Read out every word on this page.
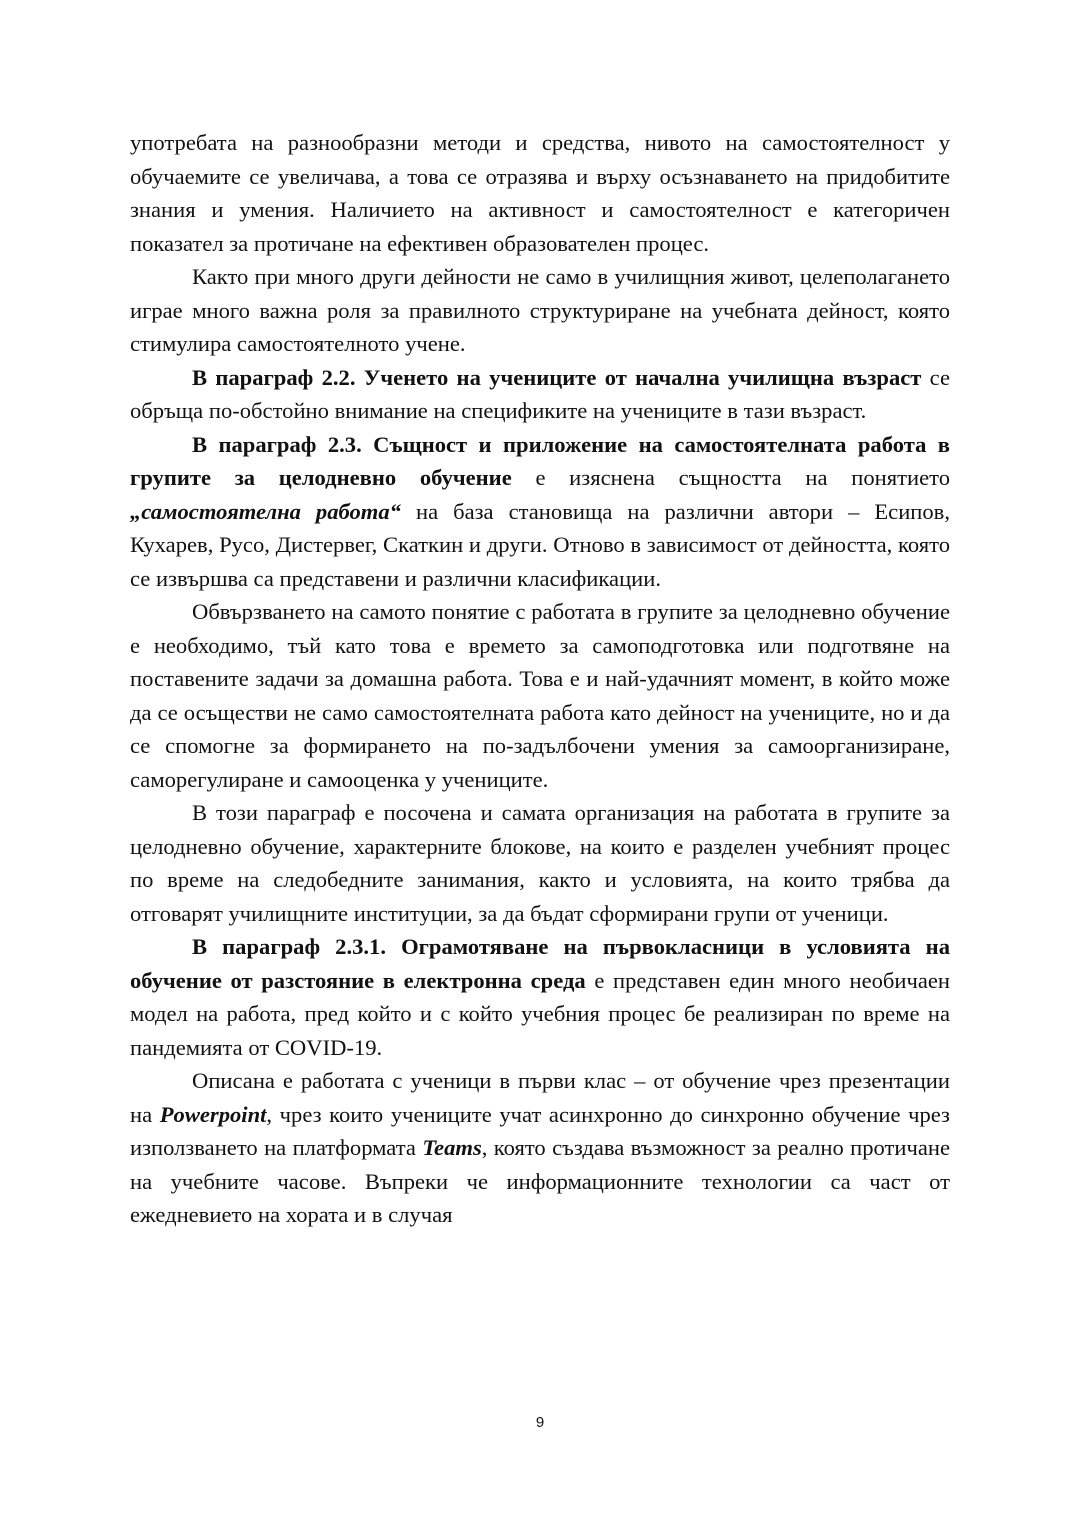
употребата на разнообразни методи и средства, нивото на самостоятелност у обучаемите се увеличава, а това се отразява и върху осъзнаването на придобитите знания и умения. Наличието на активност и самостоятелност е категоричен показател за протичане на ефективен образователен процес.

Както при много други дейности не само в училищния живот, целеполагането играе много важна роля за правилното структуриране на учебната дейност, която стимулира самостоятелното учене.

В параграф 2.2. Ученето на учениците от начална училищна възраст се обръща по-обстойно внимание на спецификите на учениците в тази възраст.

В параграф 2.3. Същност и приложение на самостоятелната работа в групите за целодневно обучение е изяснена същността на понятието „самостоятелна работа“ на база становища на различни автори – Есипов, Кухарев, Русо, Дистервег, Скаткин и други. Отново в зависимост от дейността, която се извършва са представени и различни класификации.

Обвързването на самото понятие с работата в групите за целодневно обучение е необходимо, тъй като това е времето за самоподготовка или подготвяне на поставените задачи за домашна работа. Това е и най-удачният момент, в който може да се осъществи не само самостоятелната работа като дейност на учениците, но и да се спомогне за формирането на по-задълбочени умения за самоорганизиране, саморегулиране и самооценка у учениците.

В този параграф е посочена и самата организация на работата в групите за целодневно обучение, характерните блокове, на които е разделен учебният процес по време на следобедните занимания, както и условията, на които трябва да отговарят училищните институции, за да бъдат сформирани групи от ученици.

В параграф 2.3.1. Ограмотяване на първокласници в условията на обучение от разстояние в електронна среда е представен един много необичаен модел на работа, пред който и с който учебния процес бе реализиран по време на пандемията от COVID-19.

Описана е работата с ученици в първи клас – от обучение чрез презентации на Powerpoint, чрез които учениците учат асинхронно до синхронно обучение чрез използването на платформата Teams, която създава възможност за реално протичане на учебните часове. Въпреки че информационните технологии са част от ежедневието на хората и в случая

9
